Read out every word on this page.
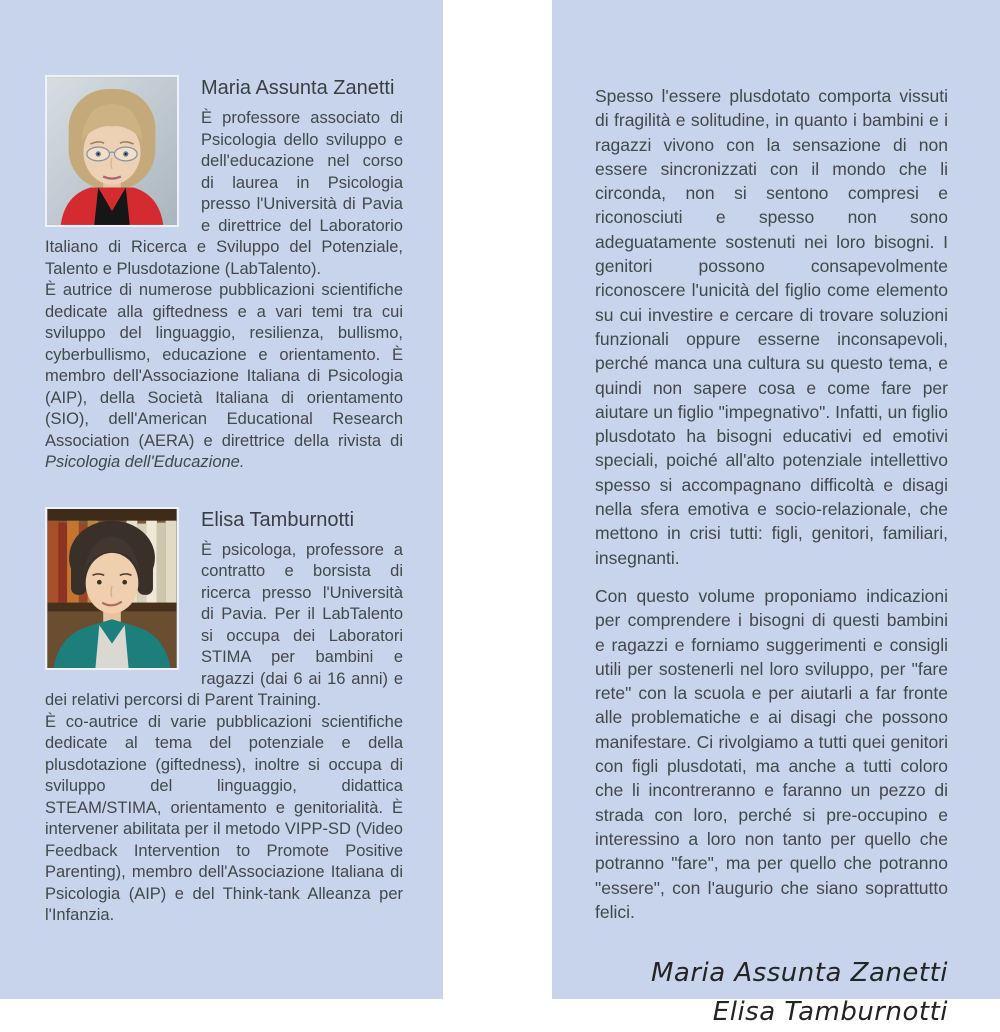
Maria Assunta Zanetti

È professore associato di Psicologia dello sviluppo e dell'educazione nel corso di laurea in Psicologia presso l'Università di Pavia e direttrice del Laboratorio Italiano di Ricerca e Sviluppo del Potenziale, Talento e Plusdotazione (LabTalento).

È autrice di numerose pubblicazioni scientifiche dedicate alla giftedness e a vari temi tra cui sviluppo del linguaggio, resilienza, bullismo, cyberbullismo, educazione e orientamento. È membro dell'Associazione Italiana di Psicologia (AIP), della Società Italiana di orientamento (SIO), dell'American Educational Research Association (AERA) e direttrice della rivista di Psicologia dell'Educazione.

Elisa Tamburnotti

È psicologa, professore a contratto e borsista di ricerca presso l'Università di Pavia. Per il LabTalento si occupa dei Laboratori STIMA per bambini e ragazzi (dai 6 ai 16 anni) e dei relativi percorsi di Parent Training.

È co-autrice di varie pubblicazioni scientifiche dedicate al tema del potenziale e della plusdotazione (giftedness), inoltre si occupa di sviluppo del linguaggio, didattica STEAM/STIMA, orientamento e genitorialità. È intervener abilitata per il metodo VIPP-SD (Video Feedback Intervention to Promote Positive Parenting), membro dell'Associazione Italiana di Psicologia (AIP) e del Think-tank Alleanza per l'Infanzia.

Spesso l'essere plusdotato comporta vissuti di fragilità e solitudine, in quanto i bambini e i ragazzi vivono con la sensazione di non essere sincronizzati con il mondo che li circonda, non si sentono compresi e riconosciuti e spesso non sono adeguatamente sostenuti nei loro bisogni. I genitori possono consapevolmente riconoscere l'unicità del figlio come elemento su cui investire e cercare di trovare soluzioni funzionali oppure esserne inconsapevoli, perché manca una cultura su questo tema, e quindi non sapere cosa e come fare per aiutare un figlio "impegnativo". Infatti, un figlio plusdotato ha bisogni educativi ed emotivi speciali, poiché all'alto potenziale intellettivo spesso si accompagnano difficoltà e disagi nella sfera emotiva e socio-relazionale, che mettono in crisi tutti: figli, genitori, familiari, insegnanti.

Con questo volume proponiamo indicazioni per comprendere i bisogni di questi bambini e ragazzi e forniamo suggerimenti e consigli utili per sostenerli nel loro sviluppo, per "fare rete" con la scuola e per aiutarli a far fronte alle problematiche e ai disagi che possono manifestare. Ci rivolgiamo a tutti quei genitori con figli plusdotati, ma anche a tutti coloro che li incontreranno e faranno un pezzo di strada con loro, perché si pre-occupino e interessino a loro non tanto per quello che potranno "fare", ma per quello che potranno "essere", con l'augurio che siano soprattutto felici.

Maria Assunta Zanetti
Elisa Tamburnotti
